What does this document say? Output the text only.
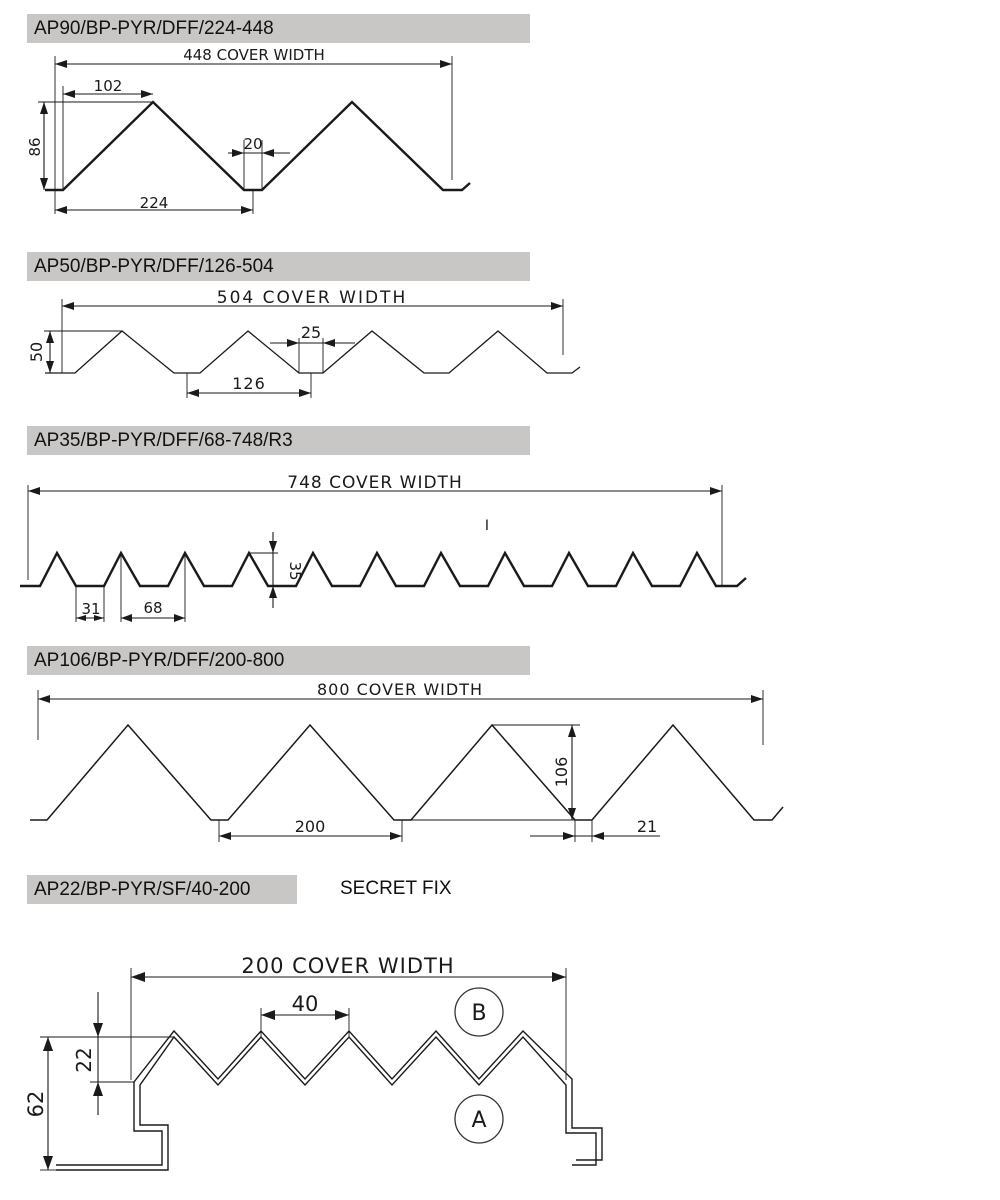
AP90/BP-PYR/DFF/224-448
AP50/BP-PYR/DFF/126-504
AP35/BP-PYR/DFF/68-748/R3
AP106/BP-PYR/DFF/200-800
AP22/BP-PYR/SF/40-200	SECRET FIX
448 COVER WIDTH
102
86	20
224
504 COVER WIDTH
50
25
126
748 COVER WIDTH
I
35
31	68
800 COVER WIDTH
106
200	21
200 COVER WIDTH
40
22
62
B
A
